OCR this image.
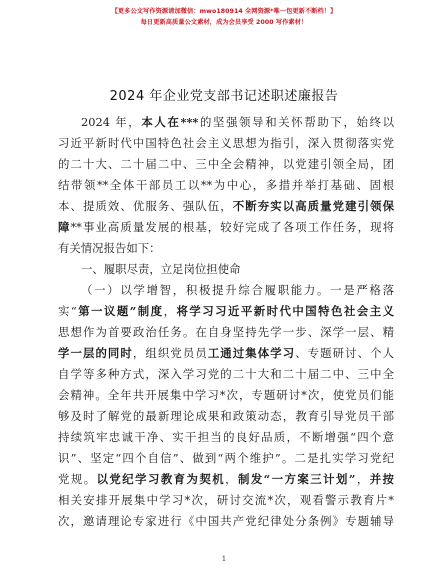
【更多公文写作资源请加微信：mwo180914 全网资源*唯一包更新不断档！】
每日更新高质量公文素材，成为会员享受 2000 写作素材！
2024 年企业党支部书记述职述廉报告
2024 年，本人在***的坚强领导和关怀帮助下，始终以
习近平新时代中国特色社会主义思想为指引，深入贯彻落实党
的二十大、二十届二中、三中全会精神，以党建引领全局，团
结带领**全体干部员工以**为中心，多措并举打基础、固根
本、提质效、优服务、强队伍，不断夯实以高质量党建引领保
障**事业高质量发展的根基，较好完成了各项工作任务，现将
有关情况报告如下：
一、履职尽责，立足岗位担使命
（一）以学增智，积极提升综合履职能力。一是严格落
实“第一议题”制度，将学习习近平新时代中国特色社会主义
思想作为首要政治任务。在自身坚持先学一步、深学一层、精
学一层的同时，组织党员员工通过集体学习、专题研讨、个人
自学等多种方式，深入学习党的二十大和二十届二中、三中全
会精神。全年共开展集中学习*次，专题研讨*次，使党员们能
够及时了解党的最新理论成果和政策动态，教育引导党员干部
持续筑牢忠诚干净、实干担当的良好品质，不断增强“四个意
识”、坚定“四个自信”、做到“两个维护”。二是扎实学习党纪
党规。以党纪学习教育为契机，制发“一方案三计划”，并按
相关安排开展集中学习*次，研讨交流*次，观看警示教育片*
次，邀请理论专家进行《中国共产党纪律处分条例》专题辅导
1
